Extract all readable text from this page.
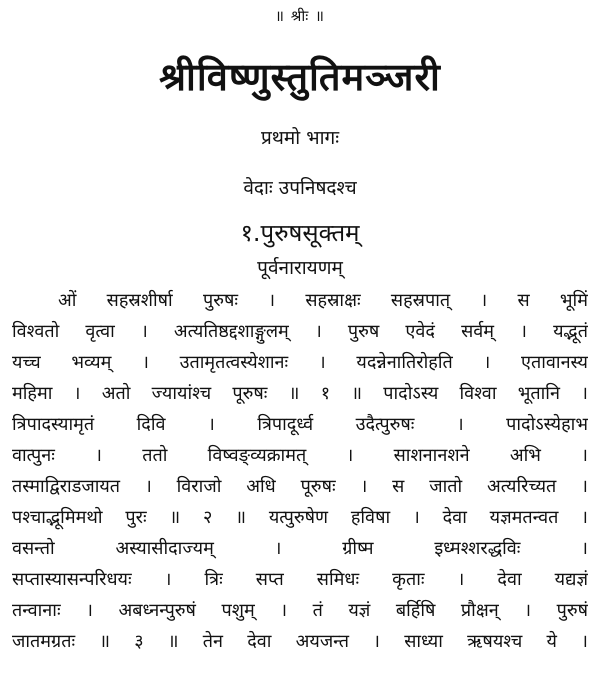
॥ श्रीः ॥
श्रीविष्णुस्तुतिमञ्जरी
प्रथमो भागः
वेदाः उपनिषदश्च
१.पुरुषसूक्तम्
पूर्वनारायणम्
ओं सहस्रशीर्षा पुरुषः । सहस्राक्षः सहस्रपात् । स भूमिं
विश्वतो वृत्वा । अत्यतिष्ठद्दशाङ्गुलम् । पुरुष एवेदं सर्वम् । यद्भूतं
यच्च भव्यम् । उतामृतत्वस्येशानः । यदन्नेनातिरोहति । एतावानस्य
महिमा । अतो ज्यायांश्च पूरुषः ॥ १ ॥ पादोऽस्य विश्वा भूतानि ।
त्रिपादस्यामृतं दिवि । त्रिपादूर्ध्व उदैत्पुरुषः । पादोऽस्येहाभ
वात्पुनः । ततो विष्वङ्व्यक्रामत् । साशनानशने अभि ।
तस्माद्विराडजायत । विराजो अधि पूरुषः । स जातो अत्यरिच्यत ।
पश्चाद्भूमिमथो पुरः ॥ २ ॥ यत्पुरुषेण हविषा । देवा यज्ञमतन्वत ।
वसन्तो अस्यासीदाज्यम् । ग्रीष्म इध्मश्शरद्धविः ।
सप्तास्यासन्परिधयः । त्रिः सप्त समिधः कृताः । देवा यद्यज्ञं
तन्वानाः । अबध्नन्पुरुषं पशुम् । तं यज्ञं बर्हिषि प्रौक्षन् । पुरुषं
जातमग्रतः ॥ ३ ॥ तेन देवा अयजन्त । साध्या ऋषयश्च ये ।
